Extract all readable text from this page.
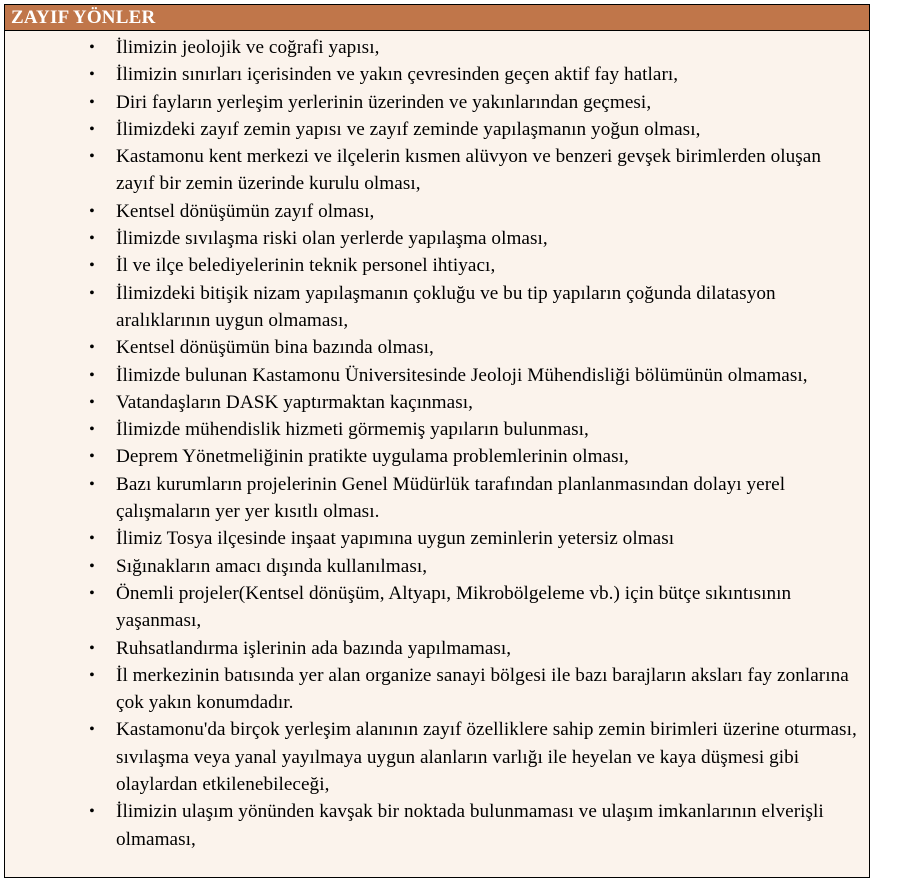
ZAYIF YÖNLER
• İlimizin jeolojik ve coğrafi yapısı,
• İlimizin sınırları içerisinden ve yakın çevresinden geçen aktif fay hatları,
• Diri fayların yerleşim yerlerinin üzerinden ve yakınlarından geçmesi,
• İlimizdeki zayıf zemin yapısı ve zayıf zeminde yapılaşmanın yoğun olması,
• Kastamonu kent merkezi ve ilçelerin kısmen alüvyon ve benzeri gevşek birimlerden oluşan zayıf bir zemin üzerinde kurulu olması,
• Kentsel dönüşümün zayıf olması,
• İlimizde sıvılaşma riski olan yerlerde yapılaşma olması,
• İl ve ilçe belediyelerinin teknik personel ihtiyacı,
• İlimizdeki bitişik nizam yapılaşmanın çokluğu ve bu tip yapıların çoğunda dilatasyon aralıklarının uygun olmaması,
• Kentsel dönüşümün bina bazında olması,
• İlimizde bulunan Kastamonu Üniversitesinde Jeoloji Mühendisliği bölümünün olmaması,
• Vatandaşların DASK yaptırmaktan kaçınması,
• İlimizde mühendislik hizmeti görmemiş yapıların bulunması,
• Deprem Yönetmeliğinin pratikte uygulama problemlerinin olması,
• Bazı kurumların projelerinin Genel Müdürlük tarafından planlanmasından dolayı yerel çalışmaların yer yer kısıtlı olması.
• İlimiz Tosya ilçesinde inşaat yapımına uygun zeminlerin yetersiz olması
• Sığınakların amacı dışında kullanılması,
• Önemli projeler(Kentsel dönüşüm, Altyapı, Mikrobölgeleme vb.) için bütçe sıkıntısının yaşanması,
• Ruhsatlandırma işlerinin ada bazında yapılmaması,
• İl merkezinin batısında yer alan organize sanayi bölgesi ile bazı barajların aksları fay zonlarına çok yakın konumdadır.
• Kastamonu'da birçok yerleşim alanının zayıf özelliklere sahip zemin birimleri üzerine oturması, sıvılaşma veya yanal yayılmaya uygun alanların varlığı ile heyelan ve kaya düşmesi gibi olaylardan etkilenebileceği,
• İlimizin ulaşım yönünden kavşak bir noktada bulunmaması ve ulaşım imkanlarının elverişli olmaması,
